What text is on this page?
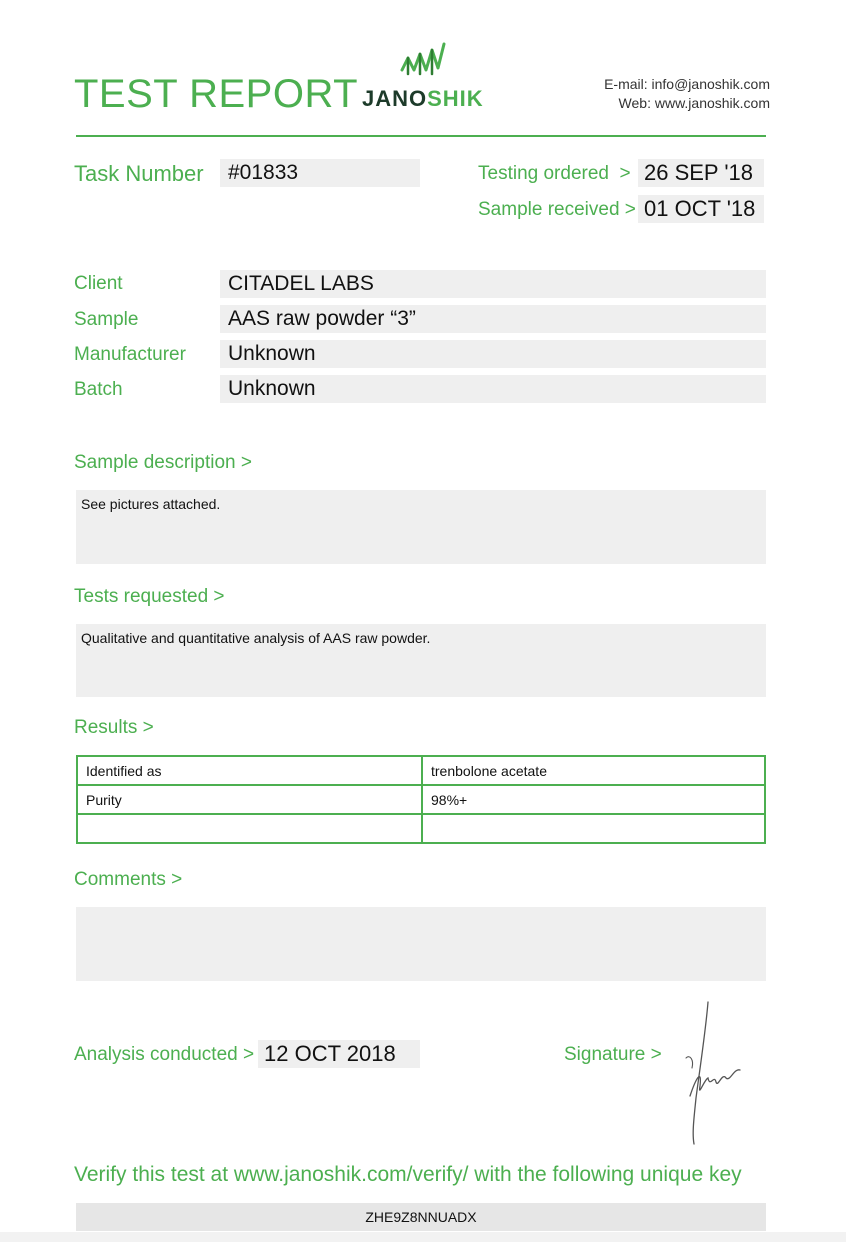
TEST REPORT JANOSHIK
E-mail: info@janoshik.com
Web: www.janoshik.com
Task Number	#01833	Testing ordered  > 26 SEP '18
Sample received > 01 OCT '18
Client	CITADEL LABS
Sample	AAS raw powder “3”
Manufacturer	Unknown
Batch	Unknown
Sample description >
See pictures attached.
Tests requested >
Qualitative and quantitative analysis of AAS raw powder.
Results >
Identified as	trenbolone acetate
Purity	98%+

Comments >
Analysis conducted > 12 OCT 2018	Signature >
Verify this test at www.janoshik.com/verify/ with the following unique key
ZHE9Z8NNUADX
